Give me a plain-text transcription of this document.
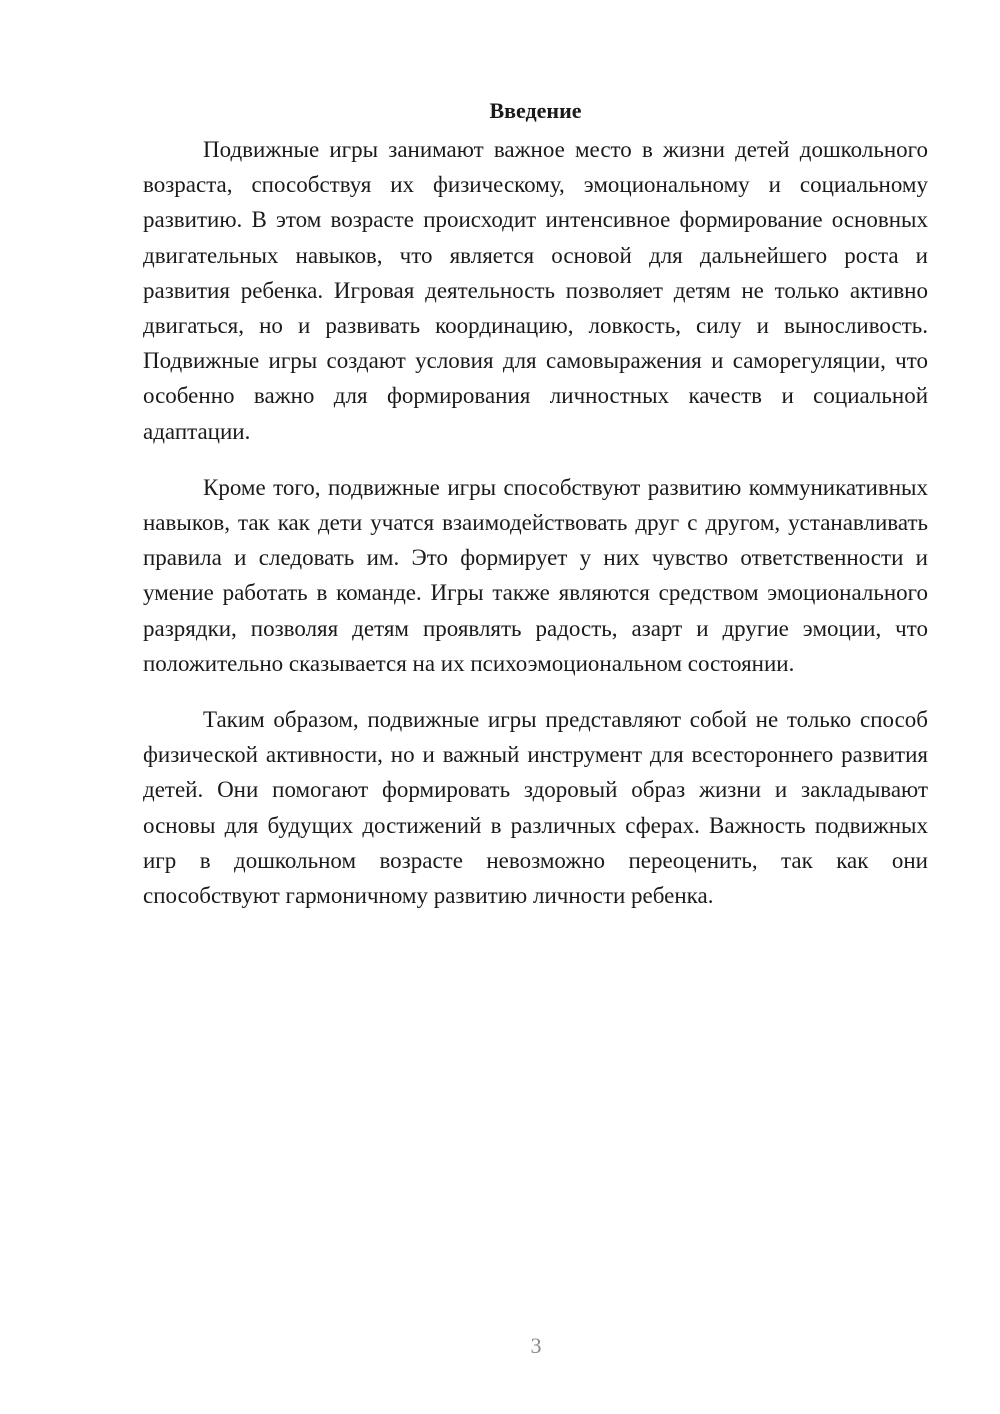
Введение

Подвижные игры занимают важное место в жизни детей дошкольного возраста, способствуя их физическому, эмоциональному и социальному развитию. В этом возрасте происходит интенсивное формирование основных двигательных навыков, что является основой для дальнейшего роста и развития ребенка. Игровая деятельность позволяет детям не только активно двигаться, но и развивать координацию, ловкость, силу и выносливость. Подвижные игры создают условия для самовыражения и саморегуляции, что особенно важно для формирования личностных качеств и социальной адаптации.

Кроме того, подвижные игры способствуют развитию коммуникативных навыков, так как дети учатся взаимодействовать друг с другом, устанавливать правила и следовать им. Это формирует у них чувство ответственности и умение работать в команде. Игры также являются средством эмоционального разрядки, позволяя детям проявлять радость, азарт и другие эмоции, что положительно сказывается на их психоэмоциональном состоянии.

Таким образом, подвижные игры представляют собой не только способ физической активности, но и важный инструмент для всестороннего развития детей. Они помогают формировать здоровый образ жизни и закладывают основы для будущих достижений в различных сферах. Важность подвижных игр в дошкольном возрасте невозможно переоценить, так как они способствуют гармоничному развитию личности ребенка.

3
